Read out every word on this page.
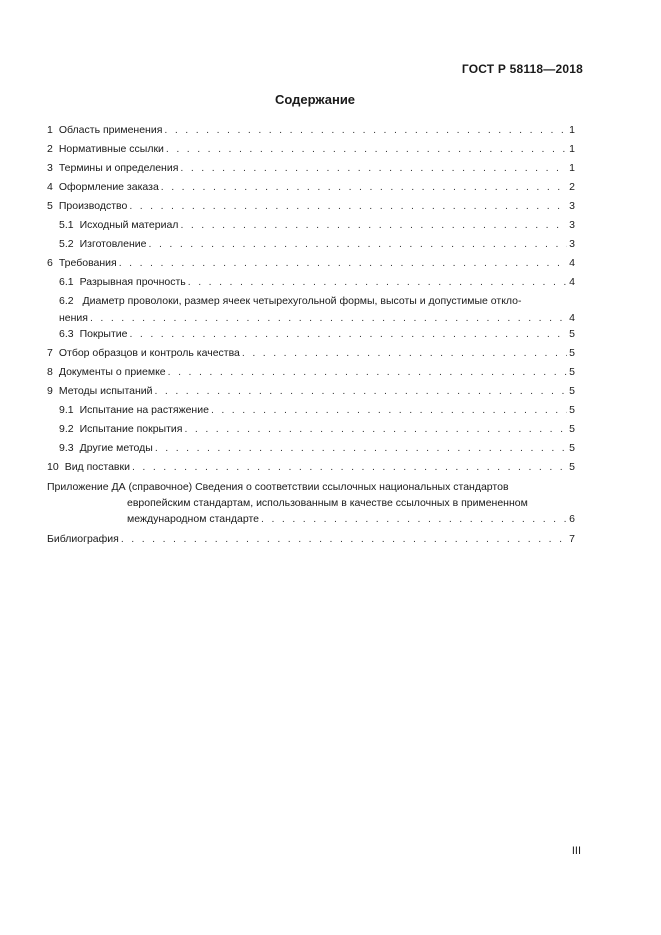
ГОСТ Р 58118—2018
Содержание
1 Область применения . . .	1
2 Нормативные ссылки . . .	1
3 Термины и определения . . .	1
4 Оформление заказа . . .	2
5 Производство . . .	3
5.1 Исходный материал . . .	3
5.2 Изготовление . . .	3
6 Требования . . .	4
6.1 Разрывная прочность . . .	4
6.2 Диаметр проволоки, размер ячеек четырехугольной формы, высоты и допустимые откло-
нения . . .	4
6.3 Покрытие . . .	5
7 Отбор образцов и контроль качества . . .	5
8 Документы о приемке . . .	5
9 Методы испытаний . . .	5
9.1 Испытание на растяжение . . .	5
9.2 Испытание покрытия . . .	5
9.3 Другие методы . . .	5
10 Вид поставки . . .	5
Приложение ДА (справочное) Сведения о соответствии ссылочных национальных стандартов
европейским стандартам, использованным в качестве ссылочных в примененном
международном стандарте . . .	6
Библиография . . .	7
III
